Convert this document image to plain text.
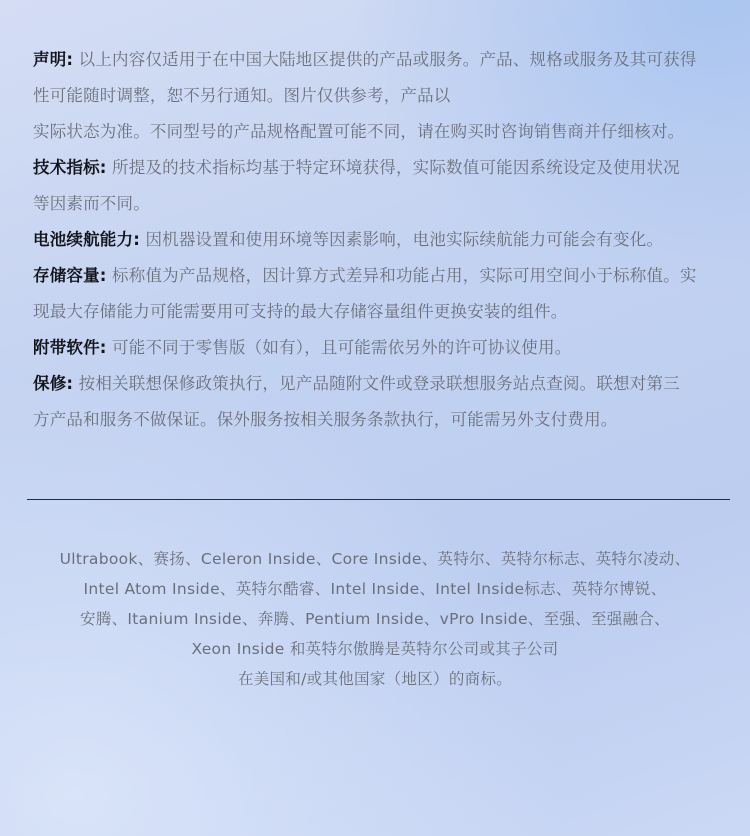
声明: 以上内容仅适用于在中国大陆地区提供的产品或服务。产品、规格或服务及其可获得
性可能随时调整，恕不另行通知。图片仅供参考，产品以
实际状态为准。不同型号的产品规格配置可能不同，请在购买时咨询销售商并仔细核对。
技术指标: 所提及的技术指标均基于特定环境获得，实际数值可能因系统设定及使用状况
等因素而不同。
电池续航能力: 因机器设置和使用环境等因素影响，电池实际续航能力可能会有变化。
存储容量: 标称值为产品规格，因计算方式差异和功能占用，实际可用空间小于标称值。实
现最大存储能力可能需要用可支持的最大存储容量组件更换安装的组件。
附带软件: 可能不同于零售版（如有），且可能需依另外的许可协议使用。
保修: 按相关联想保修政策执行，见产品随附文件或登录联想服务站点查阅。联想对第三
方产品和服务不做保证。保外服务按相关服务条款执行，可能需另外支付费用。
Ultrabook、赛扬、Celeron Inside、Core Inside、英特尔、英特尔标志、英特尔凌动、
Intel Atom Inside、英特尔酷睿、Intel Inside、Intel Inside标志、英特尔博锐、
安腾、Itanium Inside、奔腾、Pentium Inside、vPro Inside、至强、至强融合、
Xeon Inside 和英特尔傲腾是英特尔公司或其子公司
在美国和/或其他国家（地区）的商标。
